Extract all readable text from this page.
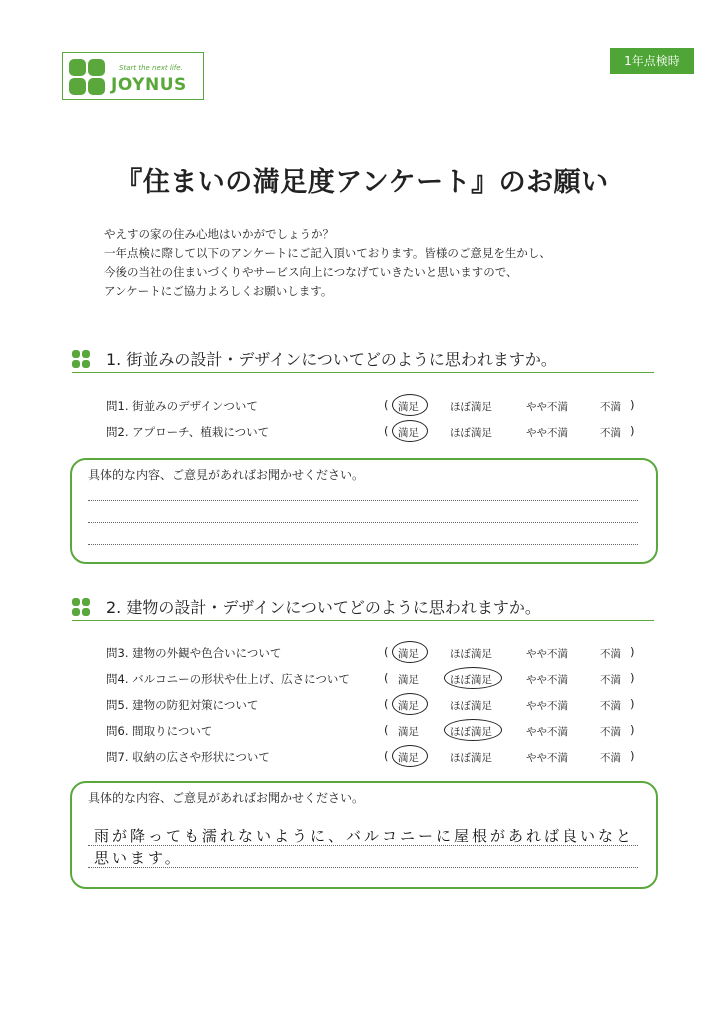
Start the next life.
JOYNUS
1年点検時
『住まいの満足度アンケート』のお願い
やえすの家の住み心地はいかがでしょうか？
一年点検に際して以下のアンケートにご記入頂いております。皆様のご意見を生かし、
今後の当社の住まいづくりやサービス向上につなげていきたいと思いますので、
アンケートにご協力よろしくお願いします。
1. 街並みの設計・デザインについてどのように思われますか。
問1. 街並みのデザインついて	( 満足	ほぼ満足	やや不満	不満 )
問2. アプローチ、植栽について	( 満足	ほぼ満足	やや不満	不満 )
具体的な内容、ご意見があればお聞かせください。
2. 建物の設計・デザインについてどのように思われますか。
問3. 建物の外観や色合いについて	( 満足	ほぼ満足	やや不満	不満 )
問4. バルコニーの形状や仕上げ、広さについて	( 満足	ほぼ満足	やや不満	不満 )
問5. 建物の防犯対策について	( 満足	ほぼ満足	やや不満	不満 )
問6. 間取りについて	( 満足	ほぼ満足	やや不満	不満 )
問7. 収納の広さや形状について	( 満足	ほぼ満足	やや不満	不満 )
具体的な内容、ご意見があればお聞かせください。
雨が降っても濡れないように、バルコニーに屋根があれば良いなと
思います。
